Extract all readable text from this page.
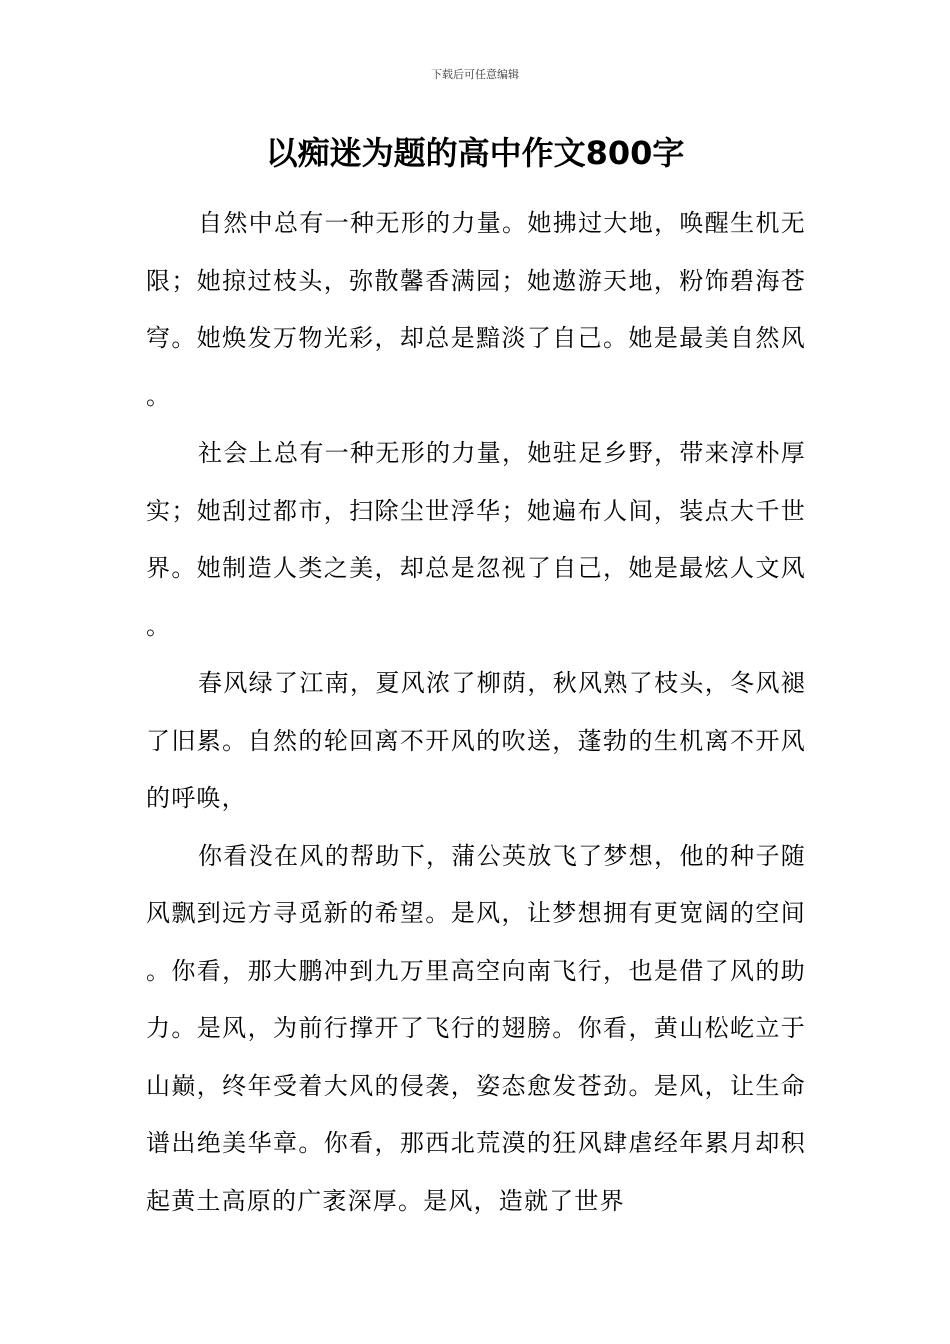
下载后可任意编辑
以痴迷为题的高中作文800字

自然中总有一种无形的力量。她拂过大地，唤醒生机无限；她掠过枝头，弥散馨香满园；她遨游天地，粉饰碧海苍穹。她焕发万物光彩，却总是黯淡了自己。她是最美自然风。

社会上总有一种无形的力量，她驻足乡野，带来淳朴厚实；她刮过都市，扫除尘世浮华；她遍布人间，装点大千世界。她制造人类之美，却总是忽视了自己，她是最炫人文风。

春风绿了江南，夏风浓了柳荫，秋风熟了枝头，冬风褪了旧累。自然的轮回离不开风的吹送，蓬勃的生机离不开风的呼唤，

你看没在风的帮助下，蒲公英放飞了梦想，他的种子随风飘到远方寻觅新的希望。是风，让梦想拥有更宽阔的空间。你看，那大鹏冲到九万里高空向南飞行，也是借了风的助力。是风，为前行撑开了飞行的翅膀。你看，黄山松屹立于山巅，终年受着大风的侵袭，姿态愈发苍劲。是风，让生命谱出绝美华章。你看，那西北荒漠的狂风肆虐经年累月却积起黄土高原的广袤深厚。是风，造就了世界
